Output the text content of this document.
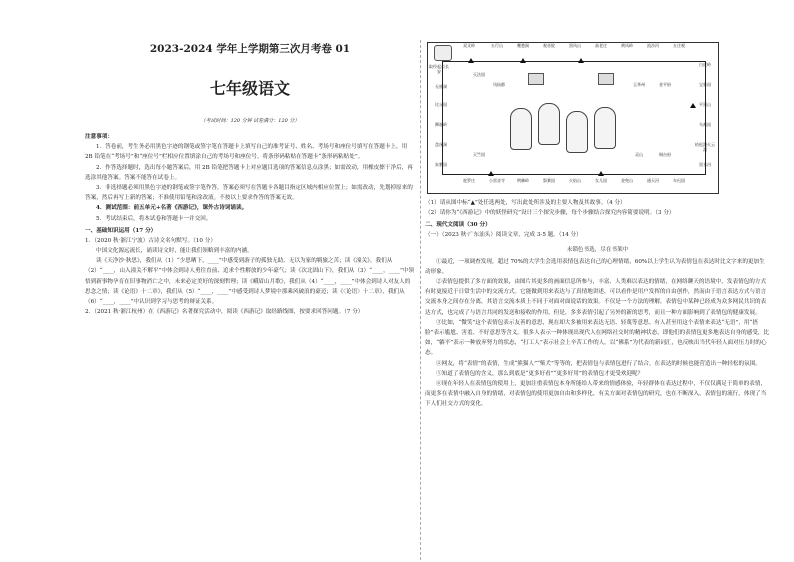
2023-2024 学年上学期第三次月考卷 01

七年级语文

（考试时间：120 分钟 试卷满分：120 分）

注意事项：

1．答卷前，考生务必用黑色字迹的钢笔或签字笔在答题卡上填写自己的准考证号、姓名、考场号和座位号填写在答题卡上，用 2B 铅笔在“考场号”和“座位号”栏相应位置填涂自己的考场号和座位号。将条形码粘贴在答题卡“条形码粘贴处”。

2．作答选择题时，选出每小题答案后，用 2B 铅笔把答题卡上对应题目选项的答案信息点涂黑；如需改动，用橡皮擦干净后，再选涂其他答案。答案不能答在试卷上。

3．非选择题必须用黑色字迹的钢笔或签字笔作答，答案必须写在答题卡各题目指定区域内相应位置上；如需改动，先划掉原来的答案，然后再写上新的答案；不准使用铅笔和涂改液。不按以上要求作答的答案无效。

4．测试范围：前五单元+名著《西游记》，课外古诗词诵读。

5．考试结束后，将本试卷和答题卡一并交回。

一、基础知识运用（17 分）

1．（2020 秋·浙江宁波）古诗文名句默写。（10 分）

中国文化源远流长，诵读诗文时，能让我们领略到丰富的内涵。

读《天净沙·秋思》，我们从（1）“少思晒下，____”中感受到游子的孤独无助、无以为家的羁旅之苦；读《潼关》，我们从（2）“____，山入潼关不解平”中体会到诗人勇往直前、追求个性解放的少年豪气；读《次北固山下》，我们从（3）“____，____”中领悟到新事物孕育在旧事物消亡之中，未来必定美好的深刻哲理；读《峨眉山月歌》，我们从（4）“____，____”中体会到诗人对友人的思念之情；读《论语》十二章》，我们从（5）“____，____”中感受到诗人梦境中那乘风破浪的豪迈；读《〈论语〉十二章》，我们从（6）“____，____”中认识到学习与思考的辩证关系。

2．（2021 秋·浙江杭州）在《西游记》名著探究活动中，阅读《西游记》取经路线图，按要求回答问题。（7 分）

取经起点长安
双叉岭	五行山	鹰愁涧	观音院	黑风山	高老庄	黄风岭	流沙河	五庄观
白虎岭
宝象国
平顶山
乌鸡国
枯松涧火云洞
黑水河
车迟国
通天河
金兜山
女儿国
火焰山
祭赛国
荆棘岭
小雷音寺
驼罗庄
朱紫国
盘丝洞
狮驼岭
比丘国
无底洞
灭法国
凤仙郡	玉华州	金平府
天竺国	铜台府
灵山

（1）请从图中标“▲”处任选两处，写出此处所涉及的主要人物及其故事。（4 分）

（2）请你为“《西游记》中的妖怪研究”设计三个探究步骤，每个步骤结合探究内容简要说明。（3 分）

二、现代文阅读（30 分）

（一）（2023 秋·广东汕头）阅读文章，完成 3-5 题。（14 分）

未锁色书选，尽在书架中

①最近，一项调查发现，超过 70%的大学生会选用表情包表达自己的心理情绪，60%以上学生认为表情包在表达时比文字来的更加生动形象。

②表情包提供了多方面的效果，由图片其更多的画面信息所参与，丰富、人类难以表达的情绪，在网络聊天的语境中，发表情包的方式有时更接近于日常生活中的交流方式。它能做到用来表达与了真情地讲述，可以看作是用户发挥的自由创作，然而由于语言表达方式与语言交流本身之间存在分离，其语言交流本质上不同于对面对面说话的效果。不仅是一个方法的理解，表情包中某种已经成为众多网民共识的表达方式，也完成了与语言共同的发送和接收的作用，但是，多多表情引起了另外的新的思考，而且一种方面影响到了表情包的健康发展。

③比如，“微笑”这个表情包表示友善的意思，现在却大多被用来表达无语、轻蔑等意思。有人甚至用这个表情来表达“无语”，用“捂脸”表示尴尬、害羞、不好意思等含义。很多人表示一种体现出现代人在网络社交时的精神状态，即他们的表情包更多地表达自身的感受，比如，“躺平”表示一种放弃努力的状态，“打工人”表示社会上辛苦工作的人。以“佛系”为代表的新词汇，也反映出当代年轻人面对压力时的心态。

④网友，将“表情”的表情，生成“熊猫人”“柴犬”等等的，把表情包与表情包进行了结合，在表达的时候也能营造出一种轻松的氛围。

⑤知道了表情包的含义，那么到底是“更多好看”“更多好用”的表情包才更受欢迎呢？

⑥现在年轻人在表情包的使用上，更加注重表情包本身所能给人带来的情感体验，年轻群体在表达过程中，不仅仅满足于简单的表情，而更多在表情中融入自身的情绪，对表情包的使用更加自由和多样化。有关方面对表情包的研究，也在不断深入，表情包的流行，体现了当下人们社交方式的变化。
